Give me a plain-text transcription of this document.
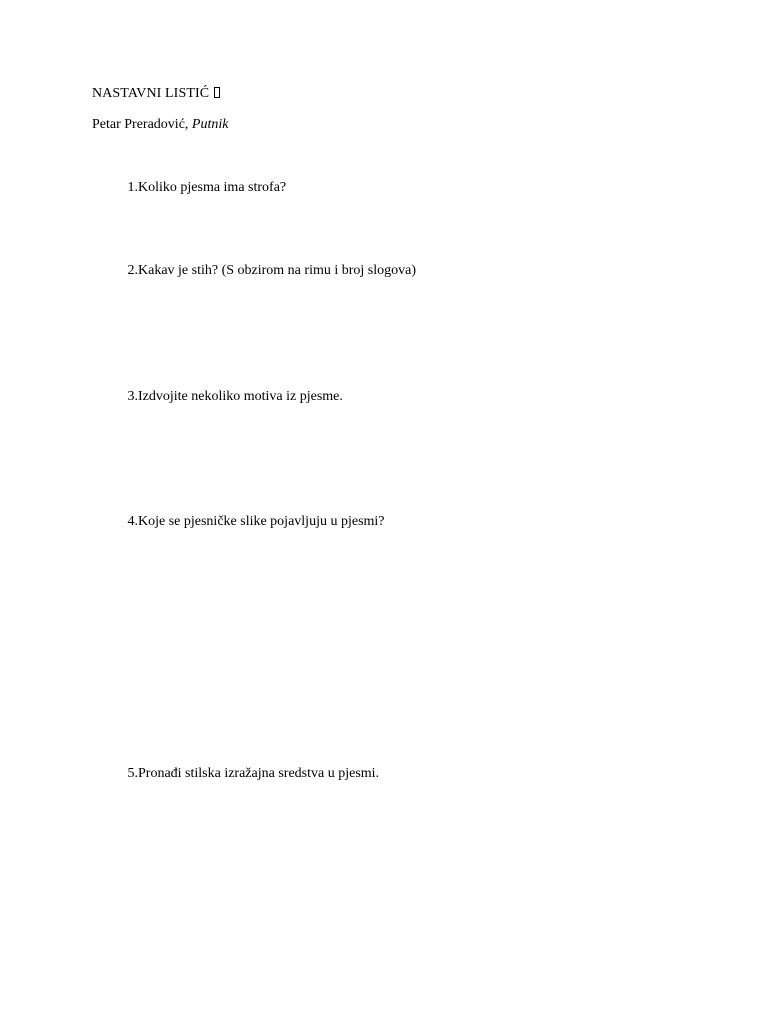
NASTAVNI LISTIĆ
Petar Preradović, Putnik
1. Koliko pjesma ima strofa?
2. Kakav je stih? (S obzirom na rimu i broj slogova)
3. Izdvojite nekoliko motiva iz pjesme.
4. Koje se pjesničke slike pojavljuju u pjesmi?
5. Pronađi stilska izražajna sredstva u pjesmi.
